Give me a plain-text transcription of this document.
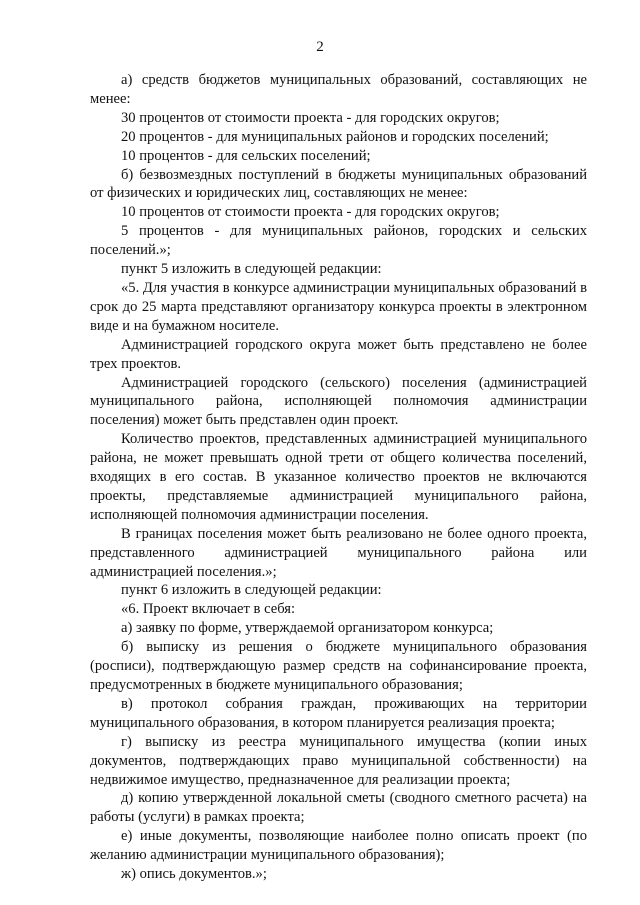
2

а) средств бюджетов муниципальных образований, составляющих не менее:

30 процентов от стоимости проекта - для городских округов;

20 процентов - для муниципальных районов и городских поселений;

10 процентов - для сельских поселений;

б) безвозмездных поступлений в бюджеты муниципальных образований от физических и юридических лиц, составляющих не менее:

10 процентов от стоимости проекта - для городских округов;

5 процентов - для муниципальных районов, городских и сельских поселений.»;

пункт 5 изложить в следующей редакции:

«5. Для участия в конкурсе администрации муниципальных образований в срок до 25 марта представляют организатору конкурса проекты в электронном виде и на бумажном носителе.

Администрацией городского округа может быть представлено не более трех проектов.

Администрацией городского (сельского) поселения (администрацией муниципального района, исполняющей полномочия администрации поселения) может быть представлен один проект.

Количество проектов, представленных администрацией муниципального района, не может превышать одной трети от общего количества поселений, входящих в его состав. В указанное количество проектов не включаются проекты, представляемые администрацией муниципального района, исполняющей полномочия администрации поселения.

В границах поселения может быть реализовано не более одного проекта, представленного администрацией муниципального района или администрацией поселения.»;

пункт 6 изложить в следующей редакции:

«6. Проект включает в себя:

а) заявку по форме, утверждаемой организатором конкурса;

б) выписку из решения о бюджете муниципального образования (росписи), подтверждающую размер средств на софинансирование проекта, предусмотренных в бюджете муниципального образования;

в) протокол собрания граждан, проживающих на территории муниципального образования, в котором планируется реализация проекта;

г) выписку из реестра муниципального имущества (копии иных документов, подтверждающих право муниципальной собственности) на недвижимое имущество, предназначенное для реализации проекта;

д) копию утвержденной локальной сметы (сводного сметного расчета) на работы (услуги) в рамках проекта;

е) иные документы, позволяющие наиболее полно описать проект (по желанию администрации муниципального образования);

ж) опись документов.»;
